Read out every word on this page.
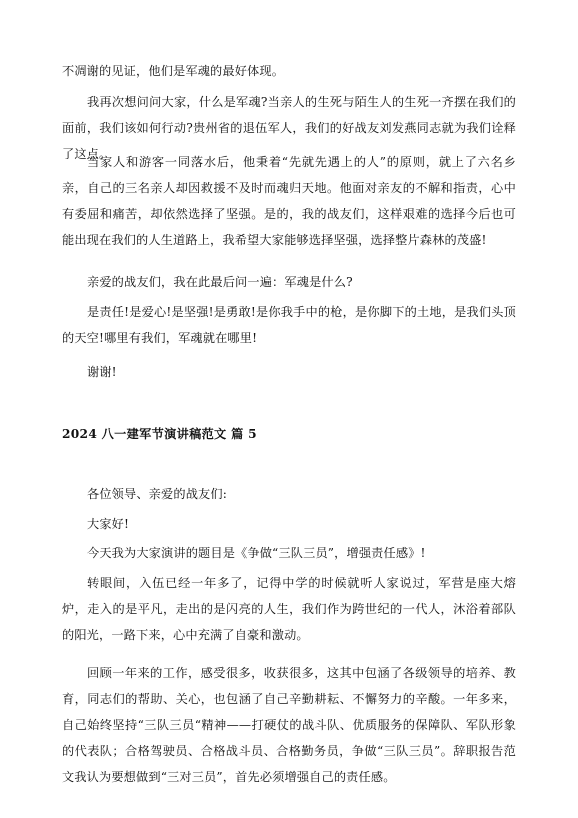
不凋谢的见证，他们是军魂的最好体现。

我再次想问问大家，什么是军魂?当亲人的生死与陌生人的生死一齐摆在我们的面前，我们该如何行动?贵州省的退伍军人，我们的好战友刘发燕同志就为我们诠释了这点。

当家人和游客一同落水后，他秉着“先就先遇上的人”的原则，就上了六名乡亲，自己的三名亲人却因救援不及时而魂归天地。他面对亲友的不解和指责，心中有委屈和痛苦，却依然选择了坚强。是的，我的战友们，这样艰难的选择今后也可能出现在我们的人生道路上，我希望大家能够选择坚强，选择整片森林的茂盛!

亲爱的战友们，我在此最后问一遍：军魂是什么?

是责任!是爱心!是坚强!是勇敢!是你我手中的枪，是你脚下的土地，是我们头顶的天空!哪里有我们，军魂就在哪里!

谢谢!

2024 八一建军节演讲稿范文 篇 5

各位领导、亲爱的战友们:

大家好!

今天我为大家演讲的题目是《争做“三队三员”，增强责任感》!

转眼间，入伍已经一年多了，记得中学的时候就听人家说过，军营是座大熔炉，走入的是平凡，走出的是闪亮的人生，我们作为跨世纪的一代人，沐浴着部队的阳光，一路下来，心中充满了自豪和激动。

回顾一年来的工作，感受很多，收获很多，这其中包涵了各级领导的培养、教育，同志们的帮助、关心，也包涵了自己辛勤耕耘、不懈努力的辛酸。一年多来，自己始终坚持“三队三员“精神——打硬仗的战斗队、优质服务的保障队、军队形象的代表队；合格驾驶员、合格战斗员、合格勤务员，争做“三队三员”。辞职报告范文我认为要想做到“三对三员”，首先必须增强自己的责任感。
